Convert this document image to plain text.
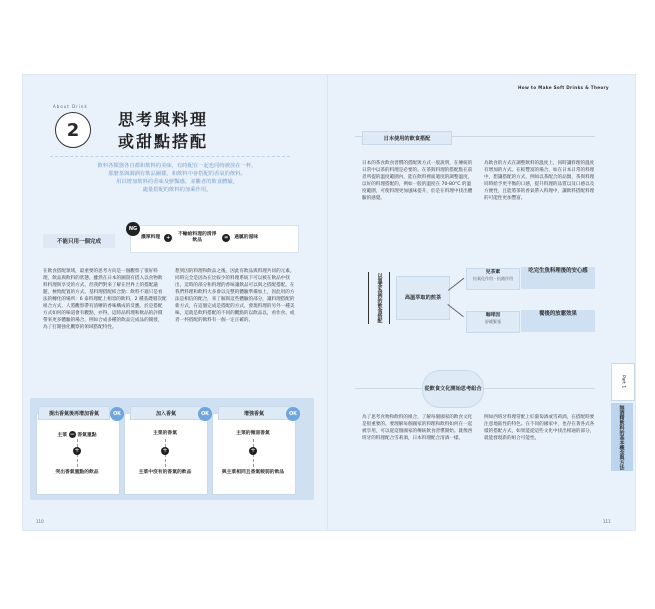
About Drink
2 思考與料理
或甜點搭配
飲料各類器各自都和飲料的美味，有時配在一起也同時被放在一杯，
那麼茶與調酒有飲品圖樣，和飲料中會搭配的香氣的飲料。
用以增加飲料的香味及鮮豔感，並觀者的飲食體驗，
適量搭配的飲料的加乘作用。
不能只用一個完成
NG
濃厚料理	+
不輸給料理的清淨飲品	=	過膩的滋味
在飲食搭配領域，最重要的思考方向是一個觀察了很好料理，飲品與飲料的狀態。雖然在日本的圖資有搭入以食物飲料料理與享受的方式，但我們對來了解在世界上的搭配議題，極致配置的方式。基料理搭配結合點：飲料不適只是看法的轉化的場所：6 泰料理配上相容的飲料，2 種基礎層次配組合方式，人將觀察帶有清晰的香味構成的反應。於是搭配方式如何的味道會有觀點，亦得，這時品料理和飲品的評價帶來更多體驗的場合，例如合成多種的飲品完成品的開發，為了打開強化觀察的領域搭配特性。
想到因的料理和飲品之後，因此有飲品與料理共同的元素，同時完全是因為在比較少的料理系統下可以被在飲品中找出，這時的部分和料理的香味讓飲品可以與之搭配搭配。在我們料理和飲料大多會以完整的體驗準備加上，因此用的方法是相信的配合，來了解與這些體驗的部分，讓料理搭配的新方式，在這個完成是搭配的方式，發現料理的另外一種美味，這就是飲料搭配的不同的觀點的以飲品以，看作食、或者一杯搭配的飲料有一個一定正確的。
提出香氣後再增加香氣	OK
主菜 − 香氣重點
+
突出香氣重點的飲品
加入香氣	OK
主菜的香氣
+
主菜中沒有的香氣的飲品
增強香氣	OK
主菜的微弱香氣
+
與主菜相同且香氣較弱的飲品
110
How to Make Soft Drinks & Theory
日本使用的飲食搭配
日本的茶食飲食習慣的搭配與方式一般說明，在傳統的日常中以茶的料理是必要的。在茶與料理的搭配點在前者所提的溫度範圍內，能在飲料裡面適度的調整溫度，以好的料理搭配的，例如一般的溫度在 70-80°C 的溫度範圍，可使料理更加風味提升，於是在料理中找出體驗的感覺。
為飲食的方式在調整飲料的溫度上，同時讓料理的溫度有增加的方式。在較豐富的場合，如在日本日常的料理中，想讓搭配的方式，例如以茶配合的品類，茶與料理同時給予更平衡的口感，提升料理的品質以及口感以及方便性，且能將茶的香氣帶入料理中，讓飲料搭配料理的可能性更加豐富。
以溫茶為例的飲食搭配	高溫萃取的煎茶
兒茶素
抗氧化作用・抗菌作用
咖啡因
舒緩緊張
吃完生魚料理後的安心感
餐後的放鬆效果
從飲食文化開始思考組合
為了思考食物和飲料的組合，了解每個國家的飲食文化是很重要的。要理解每個國家的料理和飲料如何在一起被享用，可以從這個國家的傳統飲食習慣開始。就像西班牙的料理配合雪莉酒，日本料理配合清酒一樣。
例如西班牙料理常配上紅葡萄酒或雪莉酒，在搭配時要注意地區性的特色。在不同的國家中，也存在著各式各樣的搭配方式，如果能從這些文化中找出相通的部分，就能發現新的組合可能性。
Part 1
無酒精飲料的基本概念與方法
111
